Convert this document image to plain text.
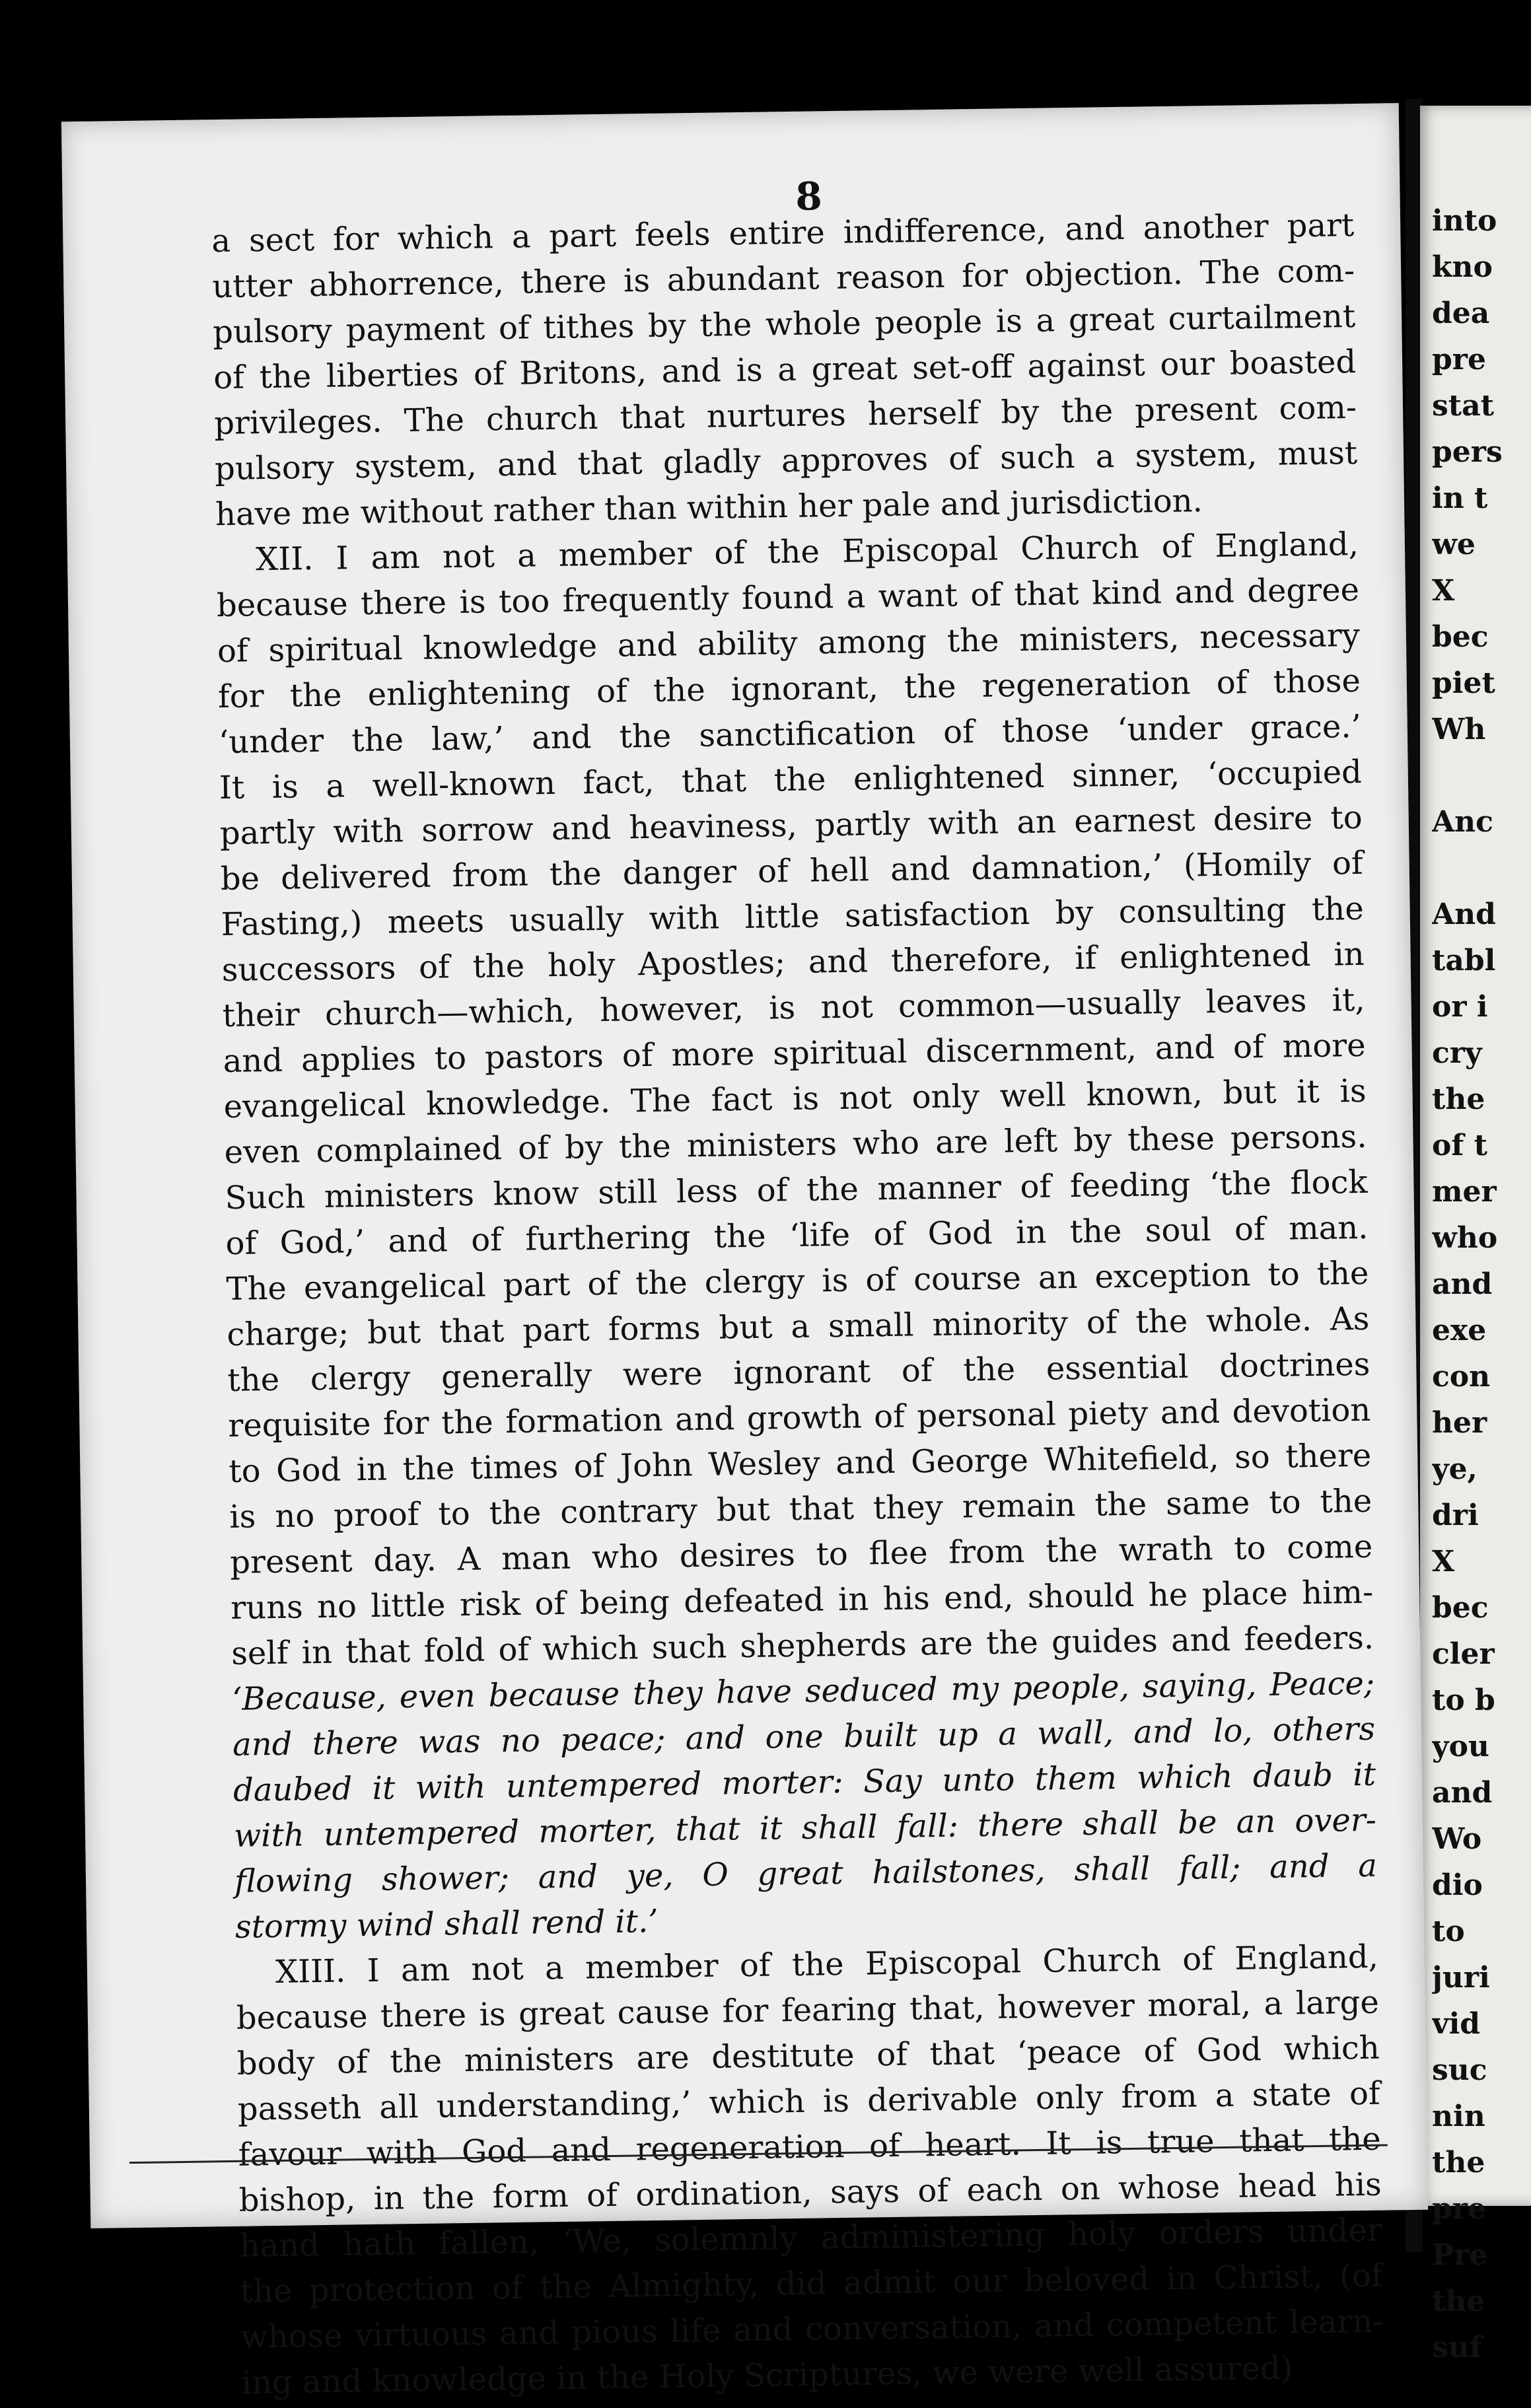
into
kno
dea
pre
stat
pers
in t
we
X
bec
piet
Wh

Anc

And
tabl
or i
cry
the
of t
mer
who
and
exe
con
her
ye,
dri
X
bec
cler
to b
you
and
Wo
dio
to
juri
vid
suc
nin
the
pre
Pre
the
suf
8

a sect for which a part feels entire indifference, and another part
utter abhorrence, there is abundant reason for objection. The com-
pulsory payment of tithes by the whole people is a great curtailment
of the liberties of Britons, and is a great set-off against our boasted
privileges. The church that nurtures herself by the present com-
pulsory system, and that gladly approves of such a system, must
have me without rather than within her pale and jurisdiction.

XII. I am not a member of the Episcopal Church of England,
because there is too frequently found a want of that kind and degree
of spiritual knowledge and ability among the ministers, necessary
for the enlightening of the ignorant, the regeneration of those
‘under the law,’ and the sanctification of those ‘under grace.’
It is a well-known fact, that the enlightened sinner, ‘occupied
partly with sorrow and heaviness, partly with an earnest desire to
be delivered from the danger of hell and damnation,’ (Homily of
Fasting,) meets usually with little satisfaction by consulting the
successors of the holy Apostles; and therefore, if enlightened in
their church—which, however, is not common—usually leaves it,
and applies to pastors of more spiritual discernment, and of more
evangelical knowledge. The fact is not only well known, but it is
even complained of by the ministers who are left by these persons.
Such ministers know still less of the manner of feeding ‘the flock
of God,’ and of furthering the ‘life of God in the soul of man.
The evangelical part of the clergy is of course an exception to the
charge; but that part forms but a small minority of the whole. As
the clergy generally were ignorant of the essential doctrines
requisite for the formation and growth of personal piety and devotion
to God in the times of John Wesley and George Whitefield, so there
is no proof to the contrary but that they remain the same to the
present day. A man who desires to flee from the wrath to come
runs no little risk of being defeated in his end, should he place him-
self in that fold of which such shepherds are the guides and feeders.
‘Because, even because they have seduced my people, saying, Peace;
and there was no peace; and one built up a wall, and lo, others
daubed it with untempered morter: Say unto them which daub it
with untempered morter, that it shall fall: there shall be an over-
flowing shower; and ye, O great hailstones, shall fall; and a
stormy wind shall rend it.’

XIII. I am not a member of the Episcopal Church of England,
because there is great cause for fearing that, however moral, a large
body of the ministers are destitute of that ‘peace of God which
passeth all understanding,’ which is derivable only from a state of
favour with God and regeneration of heart. It is true that the
bishop, in the form of ordination, says of each on whose head his
hand hath fallen, ‘We, solemnly administering holy orders under
the protection of the Almighty, did admit our beloved in Christ, (of
whose virtuous and pious life and conversation, and competent learn-
ing and knowledge in the Holy Scriptures, we were well assured)
